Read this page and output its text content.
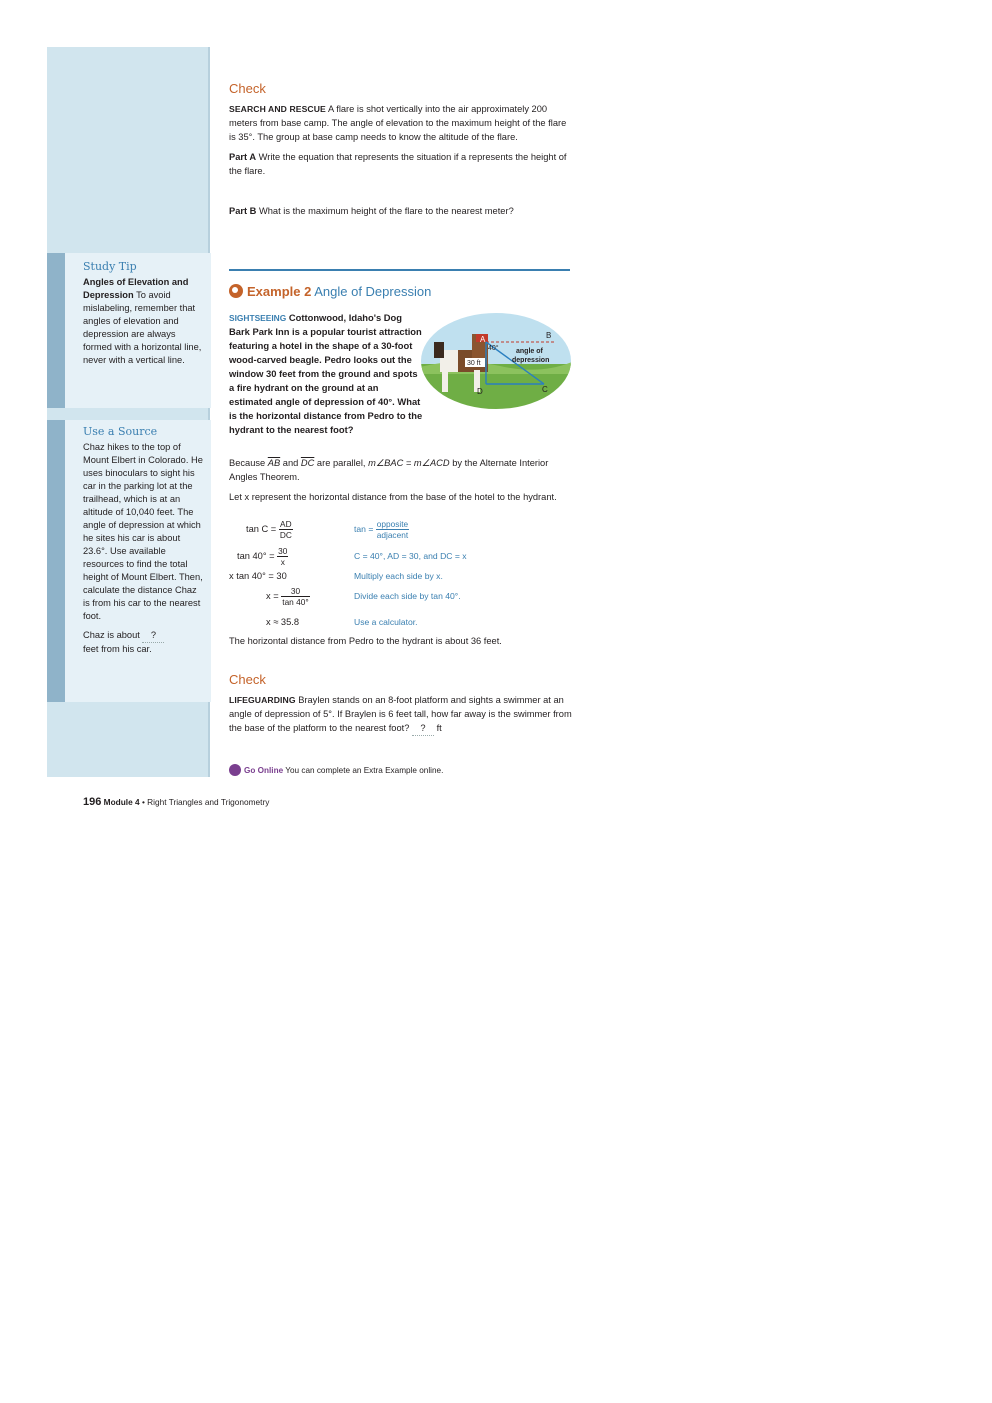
Study Tip

Angles of Elevation and Depression To avoid mislabeling, remember that angles of elevation and depression are always formed with a horizontal line, never with a vertical line.

Use a Source

Chaz hikes to the top of Mount Elbert in Colorado. He uses binoculars to sight his car in the parking lot at the trailhead, which is at an altitude of 10,040 feet. The angle of depression at which he sites his car is about 23.6°. Use available resources to find the total height of Mount Elbert. Then, calculate the distance Chaz is from his car to the nearest foot.

Chaz is about ?
feet from his car.

Check

SEARCH AND RESCUE A flare is shot vertically into the air approximately 200 meters from base camp. The angle of elevation to the maximum height of the flare is 35°. The group at base camp needs to know the altitude of the flare.

Part A Write the equation that represents the situation if a represents the height of the flare.

Part B What is the maximum height of the flare to the nearest meter?

Example 2 Angle of Depression
SIGHTSEEING Cottonwood, Idaho's Dog Bark Park Inn is a popular tourist attraction featuring a hotel in the shape of a 30-foot wood-carved beagle. Pedro looks out the window 30 feet from the ground and spots a fire hydrant on the ground at an estimated angle of depression of 40°. What is the horizontal distance from Pedro to the hydrant to the nearest foot?
A	B
C
D
40° angle of
depression
30 ft

Because $\overline{AB}$ and $\overline{DC}$ are parallel, m∠BAC = m∠ACD by the Alternate Interior Angles Theorem.

Let x represent the horizontal distance from the base of the hotel to the hydrant.

$\tan C = \frac{AD}{DC}$	$\tan = \frac{\text{opposite}}{\text{adjacent}}$
$\tan 40^\circ = \frac{30}{x}$	C = 40°, AD = 30, and DC = x
x tan 40° = 30	Multiply each side by x.
$x = \frac{30}{\tan 40^\circ}$	Divide each side by tan 40°.
x ≈ 35.8	Use a calculator.
The horizontal distance from Pedro to the hydrant is about 36 feet.
Check

LIFEGUARDING Braylen stands on an 8-foot platform and sights a swimmer at an angle of depression of 5°. If Braylen is 6 feet tall, how far away is the swimmer from the base of the platform to the nearest foot? ? ft

Go Online You can complete an Extra Example online.
196 Module 4 • Right Triangles and Trigonometry
